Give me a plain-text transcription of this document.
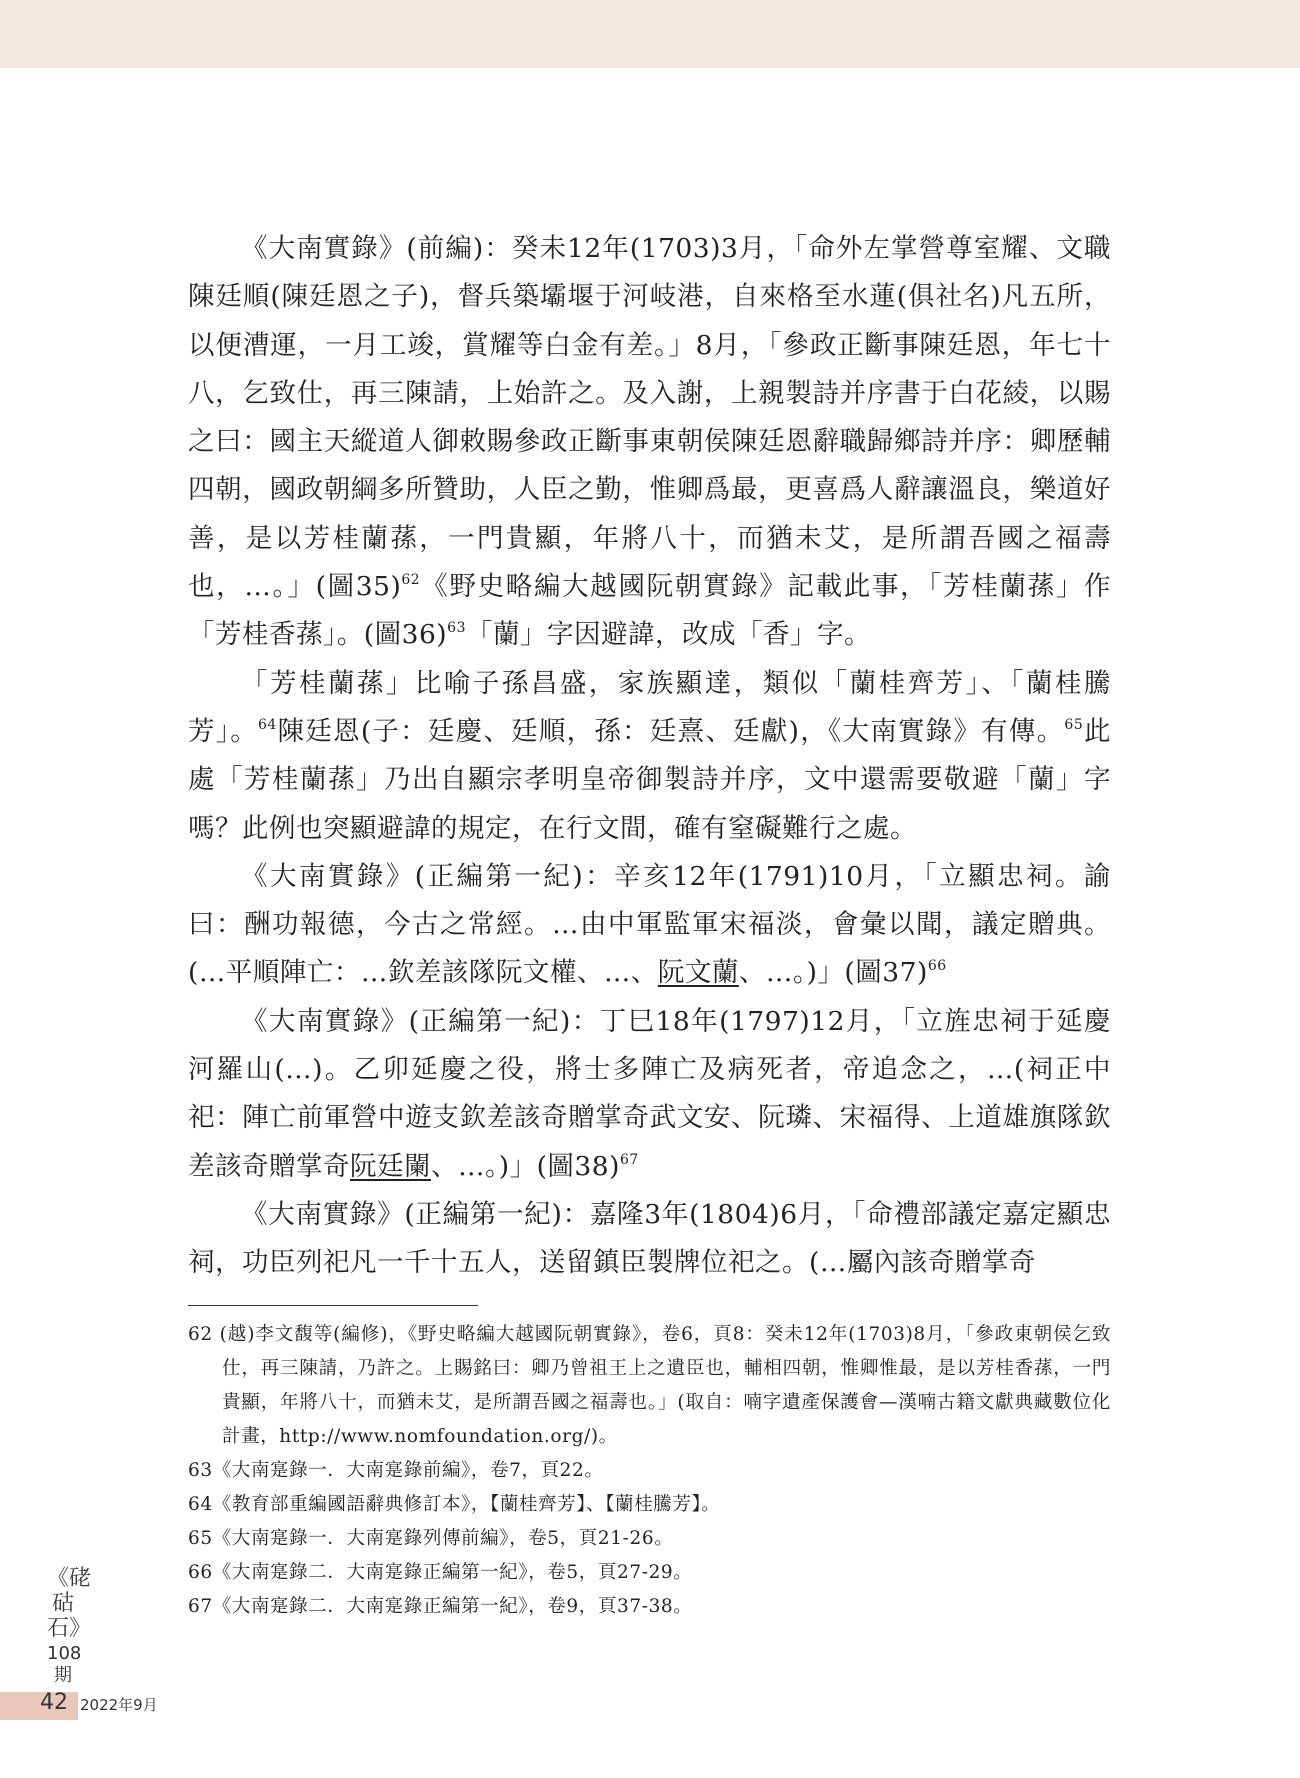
《大南實錄》(前編)：癸未12年(1703)3月，「命外左掌營尊室耀、文職陳廷順(陳廷恩之子)，督兵築壩堰于河岐港，自來格至水蓮(俱社名)凡五所，以便漕運，一月工竣，賞耀等白金有差。」8月，「參政正斷事陳廷恩，年七十八，乞致仕，再三陳請，上始許之。及入謝，上親製詩并序書于白花綾，以賜之曰：國主天縱道人御敕賜參政正斷事東朝侯陳廷恩辭職歸鄉詩并序：卿歷輔四朝，國政朝綱多所贊助，人臣之勤，惟卿爲最，更喜爲人辭讓溫良，樂道好善，是以芳桂蘭蓀，一門貴顯，年將八十，而猶未艾，是所謂吾國之福壽也，…。」(圖35)$^{62}$《野史略編大越國阮朝實錄》記載此事，「芳桂蘭蓀」作「芳桂香蓀」。(圖36)$^{63}$「蘭」字因避諱，改成「香」字。

「芳桂蘭蓀」比喻子孫昌盛，家族顯達，類似「蘭桂齊芳」、「蘭桂騰芳」。$^{64}$陳廷恩(子：廷慶、廷順，孫：廷熹、廷獻)，《大南實錄》有傳。$^{65}$此處「芳桂蘭蓀」乃出自顯宗孝明皇帝御製詩并序，文中還需要敬避「蘭」字嗎？此例也突顯避諱的規定，在行文間，確有窒礙難行之處。

《大南實錄》(正編第一紀)：辛亥12年(1791)10月，「立顯忠祠。諭曰：酬功報德，今古之常經。…由中軍監軍宋福淡，會彙以聞，議定贈典。(…平順陣亡：…欽差該隊阮文權、…、阮文蘭、…。)」(圖37)$^{66}$

《大南實錄》(正編第一紀)：丁巳18年(1797)12月，「立旌忠祠于延慶河羅山(…)。乙卯延慶之役，將士多陣亡及病死者，帝追念之，…(祠正中祀：陣亡前軍營中遊支欽差該奇贈掌奇武文安、阮璘、宋福得、上道雄旗隊欽差該奇贈掌奇阮廷闌、…。)」(圖38)$^{67}$

《大南實錄》(正編第一紀)：嘉隆3年(1804)6月，「命禮部議定嘉定顯忠祠，功臣列祀凡一千十五人，送留鎮臣製牌位祀之。(…屬內該奇贈掌奇

62 (越)李文馥等(編修)，《野史略編大越國阮朝實錄》，卷6，頁8：癸未12年(1703)8月，「參政東朝侯乞致仕，再三陳請，乃許之。上賜銘曰：卿乃曾祖王上之遺臣也，輔相四朝，惟卿惟最，是以芳桂香蓀，一門貴顯，年將八十，而猶未艾，是所謂吾國之福壽也。」(取自：喃字遺產保護會—漢喃古籍文獻典藏數位化計畫，http://www.nomfoundation.org/)。
63《大南寔錄一．大南寔錄前編》，卷7，頁22。
64《教育部重編國語辭典修訂本》，【蘭桂齊芳】、【蘭桂騰芳】。
65《大南寔錄一．大南寔錄列傳前編》，卷5，頁21-26。
66《大南寔錄二．大南寔錄正編第一紀》，卷5，頁27-29。
67《大南寔錄二．大南寔錄正編第一紀》，卷9，頁37-38。
《硓𥑮石》
108期
42 2022年9月
